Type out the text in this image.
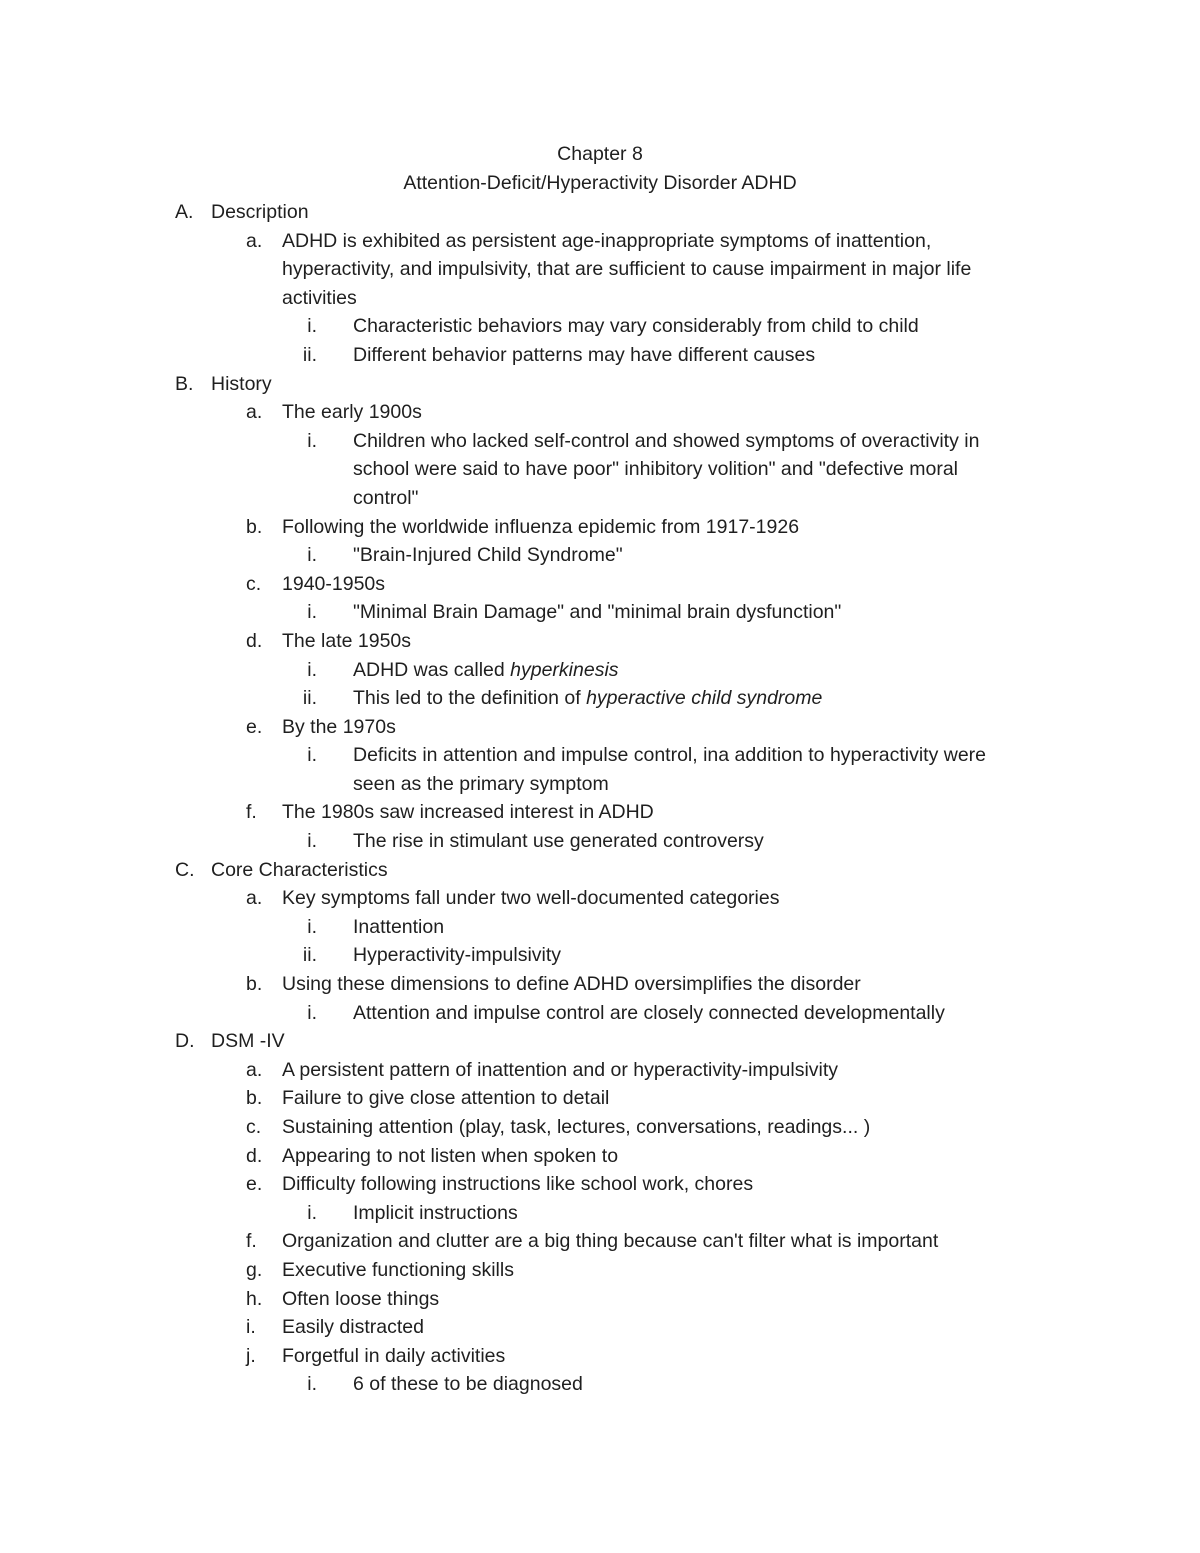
Chapter 8
Attention-Deficit/Hyperactivity Disorder ADHD
A. Description
a. ADHD is exhibited as persistent age-inappropriate symptoms of inattention,
hyperactivity, and impulsivity, that are sufficient to cause impairment in major life
activities
i. Characteristic behaviors may vary considerably from child to child
ii. Different behavior patterns may have different causes
B. History
a. The early 1900s
i. Children who lacked self-control and showed symptoms of overactivity in
school were said to have poor" inhibitory volition" and "defective moral
control"
b. Following the worldwide influenza epidemic from 1917-1926
i. "Brain-Injured Child Syndrome"
c. 1940-1950s
i. "Minimal Brain Damage" and "minimal brain dysfunction"
d. The late 1950s
i. ADHD was called hyperkinesis
ii. This led to the definition of hyperactive child syndrome
e. By the 1970s
i. Deficits in attention and impulse control, ina addition to hyperactivity were
seen as the primary symptom
f. The 1980s saw increased interest in ADHD
i. The rise in stimulant use generated controversy
C. Core Characteristics
a. Key symptoms fall under two well-documented categories
i. Inattention
ii. Hyperactivity-impulsivity
b. Using these dimensions to define ADHD oversimplifies the disorder
i. Attention and impulse control are closely connected developmentally
D. DSM -IV
a. A persistent pattern of inattention and or hyperactivity-impulsivity
b. Failure to give close attention to detail
c. Sustaining attention (play, task, lectures, conversations, readings... )
d. Appearing to not listen when spoken to
e. Difficulty following instructions like school work, chores
i. Implicit instructions
f. Organization and clutter are a big thing because can't filter what is important
g. Executive functioning skills
h. Often loose things
i. Easily distracted
j. Forgetful in daily activities
i. 6 of these to be diagnosed
